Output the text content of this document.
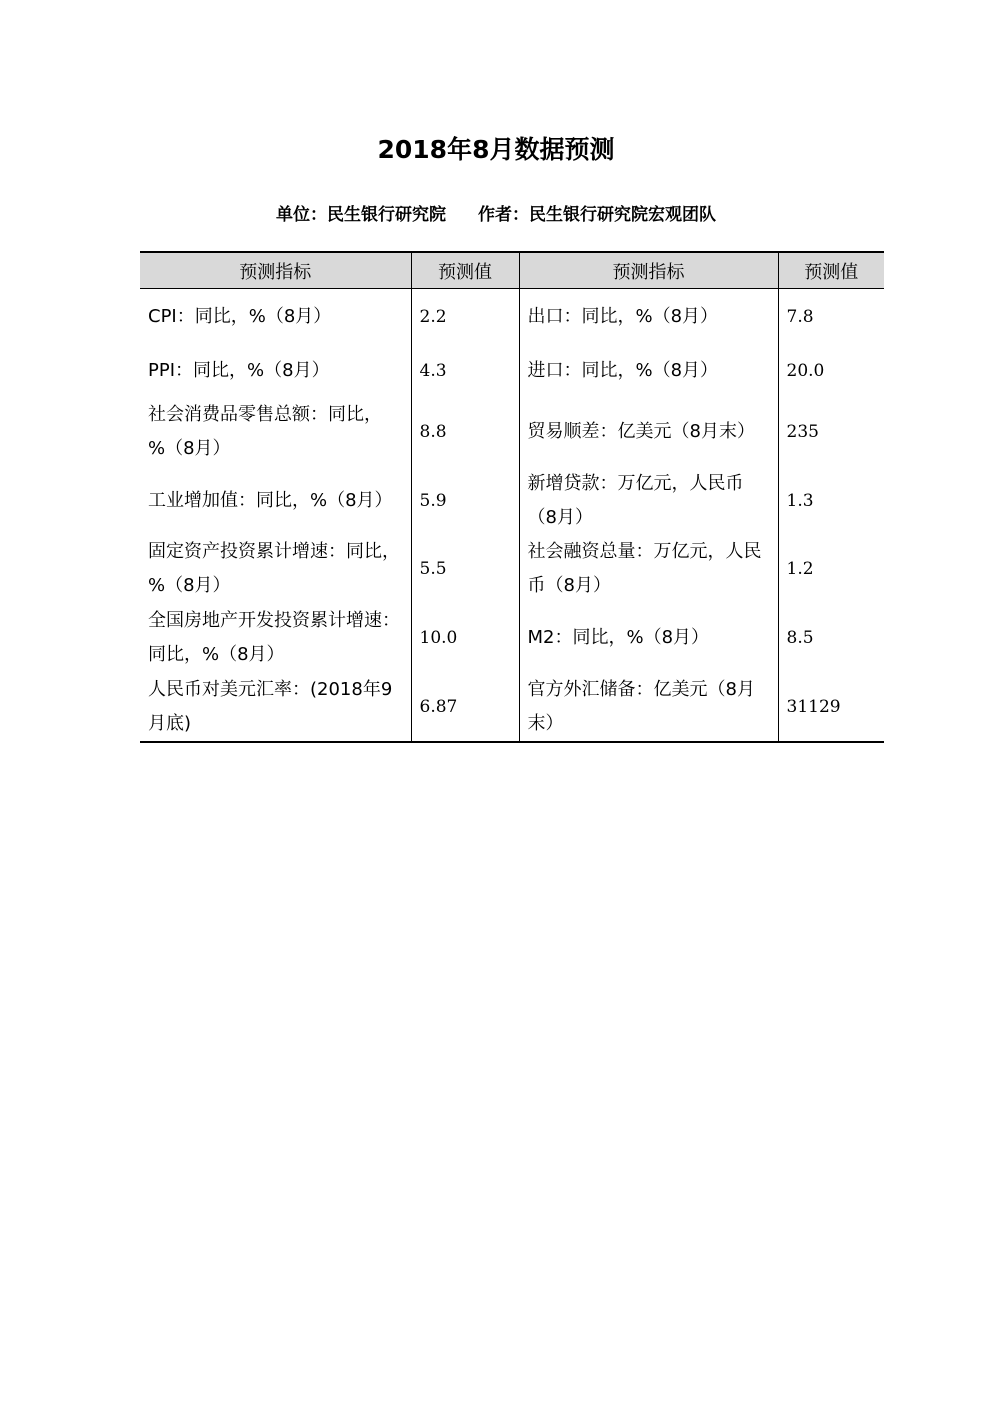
2018年8月数据预测
单位：民生银行研究院 作者：民生银行研究院宏观团队
预测指标	预测值	预测指标	预测值
CPI：同比，%（8月）	2.2	出口：同比，%（8月）	7.8
PPI：同比，%（8月）	4.3	进口：同比，%（8月）	20.0
社会消费品零售总额：同比，%（8月）	8.8	贸易顺差：亿美元（8月末）	235
工业增加值：同比，%（8月）	5.9	新增贷款：万亿元，人民币（8月）	1.3
固定资产投资累计增速：同比，%（8月）	5.5	社会融资总量：万亿元，人民币（8月）	1.2
全国房地产开发投资累计增速：同比，%（8月）	10.0	M2：同比，%（8月）	8.5
人民币对美元汇率：(2018年9月底)	6.87	官方外汇储备：亿美元（8月末）	31129
